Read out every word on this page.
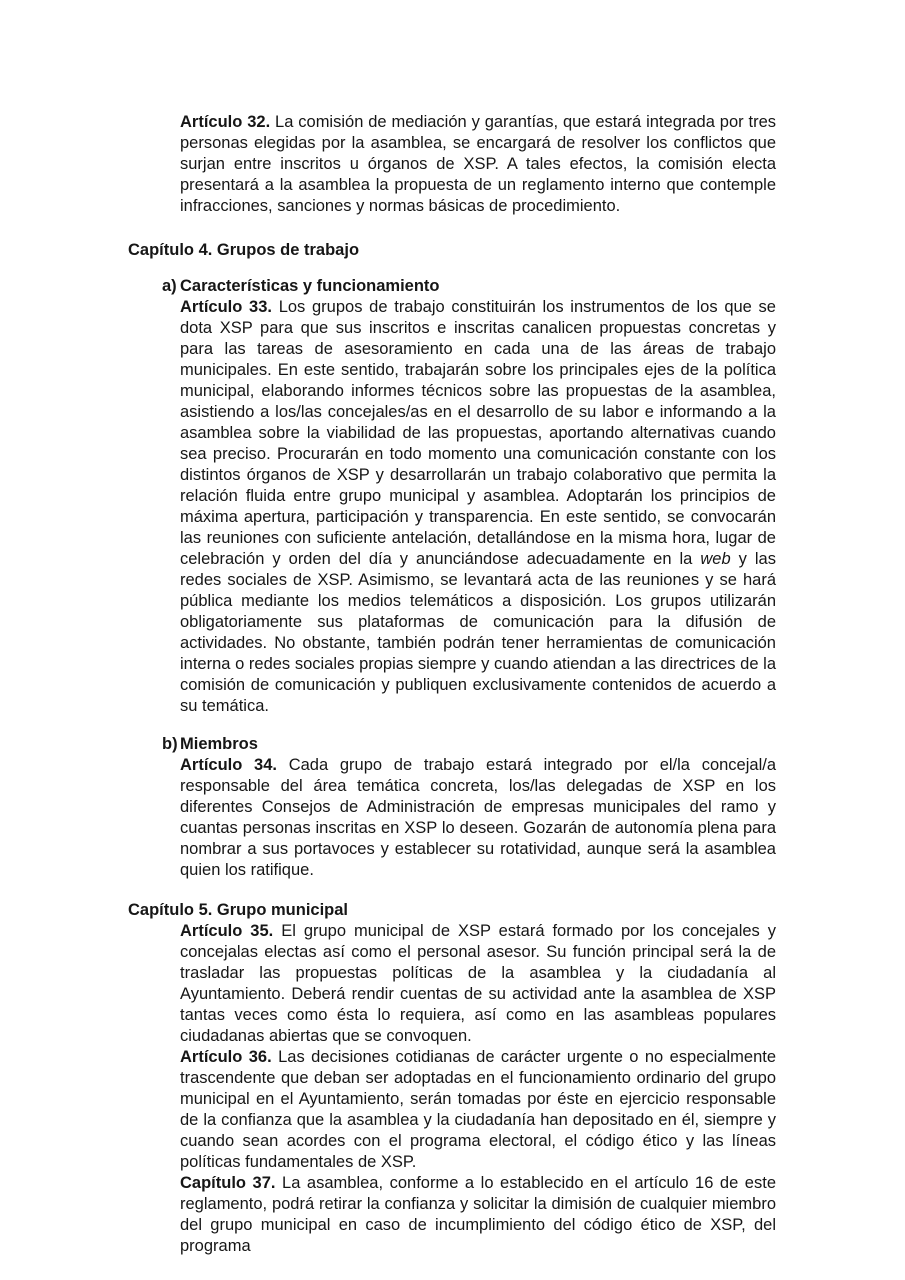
Artículo 32. La comisión de mediación y garantías, que estará integrada por tres personas elegidas por la asamblea, se encargará de resolver los conflictos que surjan entre inscritos u órganos de XSP. A tales efectos, la comisión electa presentará a la asamblea la propuesta de un reglamento interno que contemple infracciones, sanciones y normas básicas de procedimiento.

Capítulo 4. Grupos de trabajo
a) Características y funcionamiento

Artículo 33. Los grupos de trabajo constituirán los instrumentos de los que se dota XSP para que sus inscritos e inscritas canalicen propuestas concretas y para las tareas de asesoramiento en cada una de las áreas de trabajo municipales. En este sentido, trabajarán sobre los principales ejes de la política municipal, elaborando informes técnicos sobre las propuestas de la asamblea, asistiendo a los/las concejales/as en el desarrollo de su labor e informando a la asamblea sobre la viabilidad de las propuestas, aportando alternativas cuando sea preciso. Procurarán en todo momento una comunicación constante con los distintos órganos de XSP y desarrollarán un trabajo colaborativo que permita la relación fluida entre grupo municipal y asamblea. Adoptarán los principios de máxima apertura, participación y transparencia. En este sentido, se convocarán las reuniones con suficiente antelación, detallándose en la misma hora, lugar de celebración y orden del día y anunciándose adecuadamente en la web y las redes sociales de XSP. Asimismo, se levantará acta de las reuniones y se hará pública mediante los medios telemáticos a disposición. Los grupos utilizarán obligatoriamente sus plataformas de comunicación para la difusión de actividades. No obstante, también podrán tener herramientas de comunicación interna o redes sociales propias siempre y cuando atiendan a las directrices de la comisión de comunicación y publiquen exclusivamente contenidos de acuerdo a su temática.

b) Miembros

Artículo 34. Cada grupo de trabajo estará integrado por el/la concejal/a responsable del área temática concreta, los/las delegadas de XSP en los diferentes Consejos de Administración de empresas municipales del ramo y cuantas personas inscritas en XSP lo deseen. Gozarán de autonomía plena para nombrar a sus portavoces y establecer su rotatividad, aunque será la asamblea quien los ratifique.

Capítulo 5. Grupo municipal

Artículo 35. El grupo municipal de XSP estará formado por los concejales y concejalas electas así como el personal asesor. Su función principal será la de trasladar las propuestas políticas de la asamblea y la ciudadanía al Ayuntamiento. Deberá rendir cuentas de su actividad ante la asamblea de XSP tantas veces como ésta lo requiera, así como en las asambleas populares ciudadanas abiertas que se convoquen.

Artículo 36. Las decisiones cotidianas de carácter urgente o no especialmente trascendente que deban ser adoptadas en el funcionamiento ordinario del grupo municipal en el Ayuntamiento, serán tomadas por éste en ejercicio responsable de la confianza que la asamblea y la ciudadanía han depositado en él, siempre y cuando sean acordes con el programa electoral, el código ético y las líneas políticas fundamentales de XSP.

Capítulo 37. La asamblea, conforme a lo establecido en el artículo 16 de este reglamento, podrá retirar la confianza y solicitar la dimisión de cualquier miembro del grupo municipal en caso de incumplimiento del código ético de XSP, del programa
